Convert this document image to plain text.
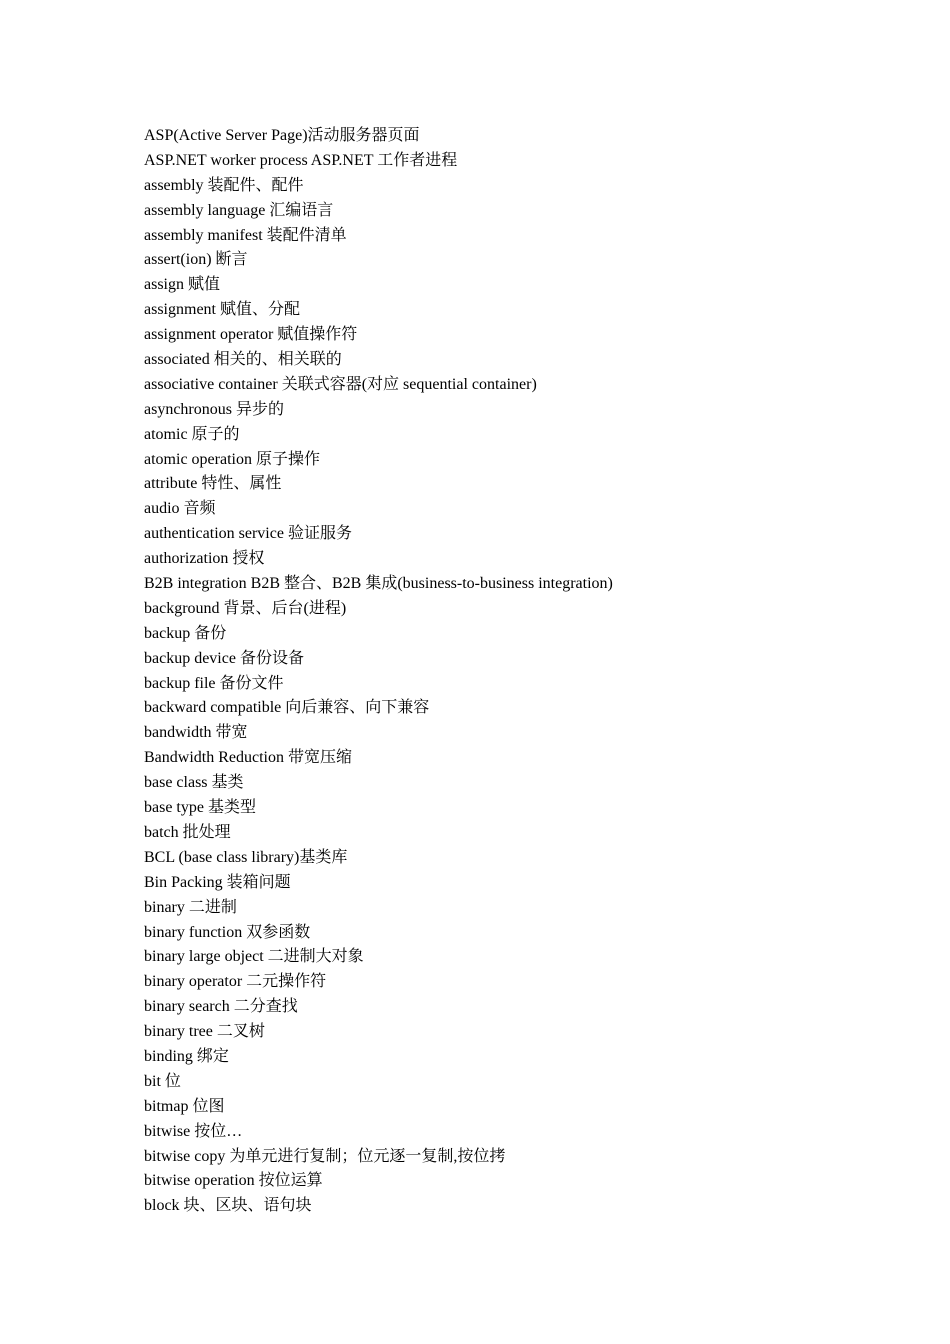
ASP(Active Server Page)活动服务器页面
ASP.NET worker process ASP.NET 工作者进程
assembly 装配件、配件
assembly language 汇编语言
assembly manifest 装配件清单
assert(ion) 断言
assign 赋值
assignment 赋值、分配
assignment operator 赋值操作符
associated 相关的、相关联的
associative container 关联式容器(对应 sequential container)
asynchronous 异步的
atomic 原子的
atomic operation 原子操作
attribute 特性、属性
audio 音频
authentication service 验证服务
authorization 授权
B2B integration B2B 整合、B2B 集成(business-to-business integration)
background 背景、后台(进程)
backup 备份
backup device 备份设备
backup file 备份文件
backward compatible 向后兼容、向下兼容
bandwidth 带宽
Bandwidth Reduction 带宽压缩
base class 基类
base type 基类型
batch 批处理
BCL (base class library)基类库
Bin Packing 装箱问题
binary 二进制
binary function 双参函数
binary large object 二进制大对象
binary operator 二元操作符
binary search 二分查找
binary tree 二叉树
binding 绑定
bit 位
bitmap 位图
bitwise 按位…
bitwise copy 为单元进行复制；位元逐一复制,按位拷
bitwise operation 按位运算
block 块、区块、语句块
